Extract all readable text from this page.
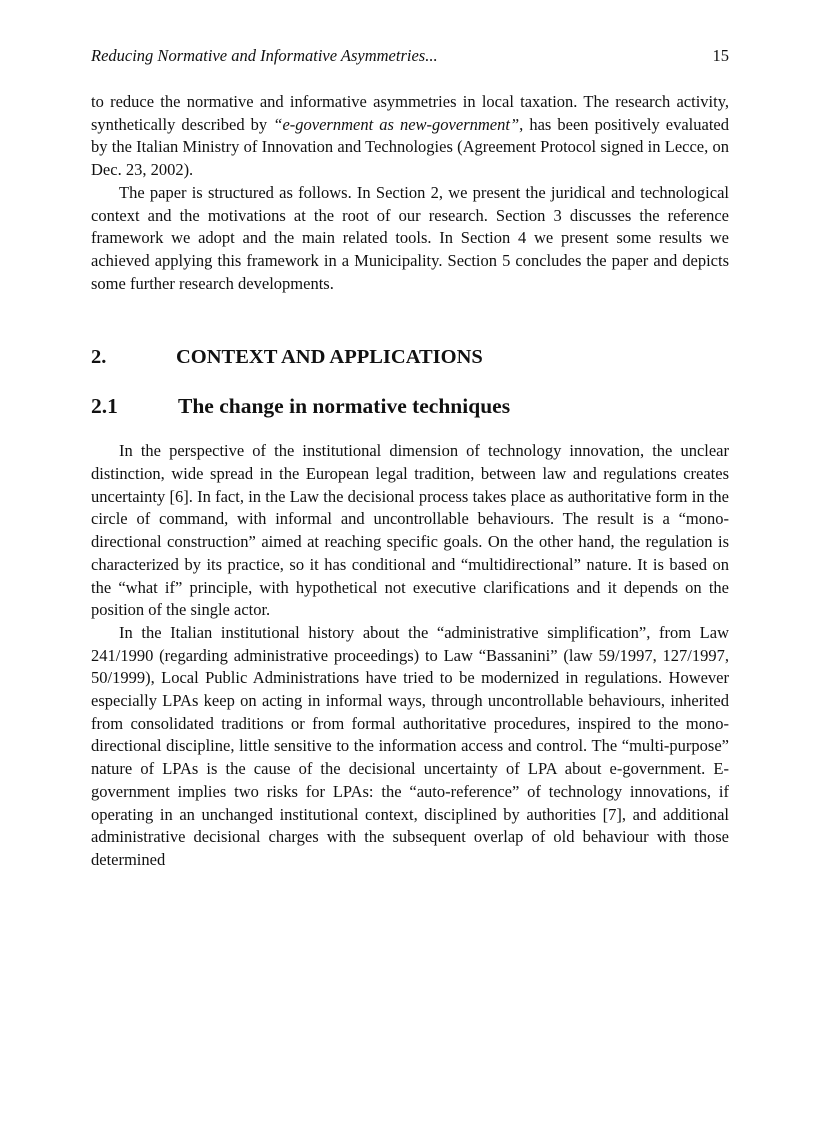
Reducing Normative and Informative Asymmetries...	15

to reduce the normative and informative asymmetries in local taxation. The research activity, synthetically described by “e-government as new-government”, has been positively evaluated by the Italian Ministry of Innovation and Technologies (Agreement Protocol signed in Lecce, on Dec. 23, 2002).

The paper is structured as follows. In Section 2, we present the juridical and technological context and the motivations at the root of our research. Section 3 discusses the reference framework we adopt and the main related tools. In Section 4 we present some results we achieved applying this framework in a Municipality. Section 5 concludes the paper and depicts some further research developments.

2.	CONTEXT AND APPLICATIONS
2.1	The change in normative techniques

In the perspective of the institutional dimension of technology innovation, the unclear distinction, wide spread in the European legal tradition, between law and regulations creates uncertainty [6]. In fact, in the Law the decisional process takes place as authoritative form in the circle of command, with informal and uncontrollable behaviours. The result is a “mono-directional construction” aimed at reaching specific goals. On the other hand, the regulation is characterized by its practice, so it has conditional and “multidirectional” nature. It is based on the “what if” principle, with hypothetical not executive clarifications and it depends on the position of the single actor.

In the Italian institutional history about the “administrative simplification”, from Law 241/1990 (regarding administrative proceedings) to Law “Bassanini” (law 59/1997, 127/1997, 50/1999), Local Public Administrations have tried to be modernized in regulations. However especially LPAs keep on acting in informal ways, through uncontrollable behaviours, inherited from consolidated traditions or from formal authoritative procedures, inspired to the mono-directional discipline, little sensitive to the information access and control. The “multi-purpose” nature of LPAs is the cause of the decisional uncertainty of LPA about e-government. E-government implies two risks for LPAs: the “auto-reference” of technology innovations, if operating in an unchanged institutional context, disciplined by authorities [7], and additional administrative decisional charges with the subsequent overlap of old behaviour with those determined
